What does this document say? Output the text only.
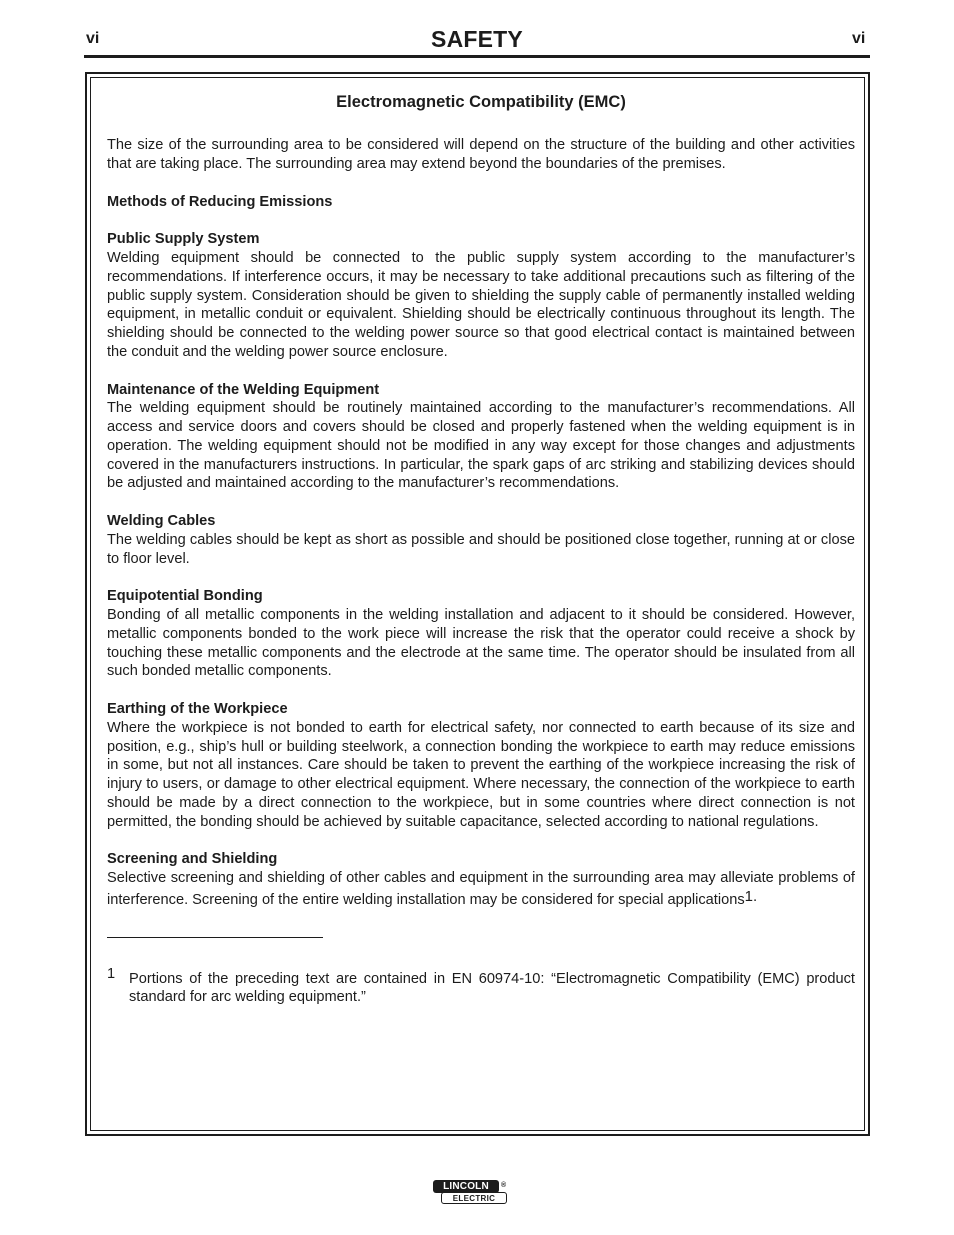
vi	SAFETY	vi
Electromagnetic Compatibility (EMC)

The size of the surrounding area to be considered will depend on the structure of the building and other activities that are taking place. The surrounding area may extend beyond the boundaries of the premises.

Methods of Reducing Emissions

Public Supply System

Welding equipment should be connected to the public supply system according to the manufacturer’s recommendations. If interference occurs, it may be necessary to take additional precautions such as filtering of the public supply system. Consideration should be given to shielding the supply cable of permanently installed welding equipment, in metallic conduit or equivalent. Shielding should be electrically continuous throughout its length. The shielding should be connected to the welding power source so that good electrical contact is maintained between the conduit and the welding power source enclosure.

Maintenance of the Welding Equipment

The welding equipment should be routinely maintained according to the manufacturer’s recommendations. All access and service doors and covers should be closed and properly fastened when the welding equipment is in operation. The welding equipment should not be modified in any way except for those changes and adjustments covered in the manufacturers instructions. In particular, the spark gaps of arc striking and stabilizing devices should be adjusted and maintained according to the manufacturer’s recommendations.

Welding Cables

The welding cables should be kept as short as possible and should be positioned close together, running at or close to floor level.

Equipotential Bonding

Bonding of all metallic components in the welding installation and adjacent to it should be considered. However, metallic components bonded to the work piece will increase the risk that the operator could receive a shock by touching these metallic components and the electrode at the same time. The operator should be insulated from all such bonded metallic components.

Earthing of the Workpiece

Where the workpiece is not bonded to earth for electrical safety, nor connected to earth because of its size and position, e.g., ship’s hull or building steelwork, a connection bonding the workpiece to earth may reduce emissions in some, but not all instances. Care should be taken to prevent the earthing of the workpiece increasing the risk of injury to users, or damage to other electrical equipment. Where necessary, the connection of the workpiece to earth should be made by a direct connection to the workpiece, but in some countries where direct connection is not permitted, the bonding should be achieved by suitable capacitance, selected according to national regulations.

Screening and Shielding

Selective screening and shielding of other cables and equipment in the surrounding area may alleviate problems of interference. Screening of the entire welding installation may be considered for special applications1.

1 Portions of the preceding text are contained in EN 60974-10: “Electromagnetic Compatibility (EMC) product standard for arc welding equipment.”
LINCOLN	®
ELECTRIC
